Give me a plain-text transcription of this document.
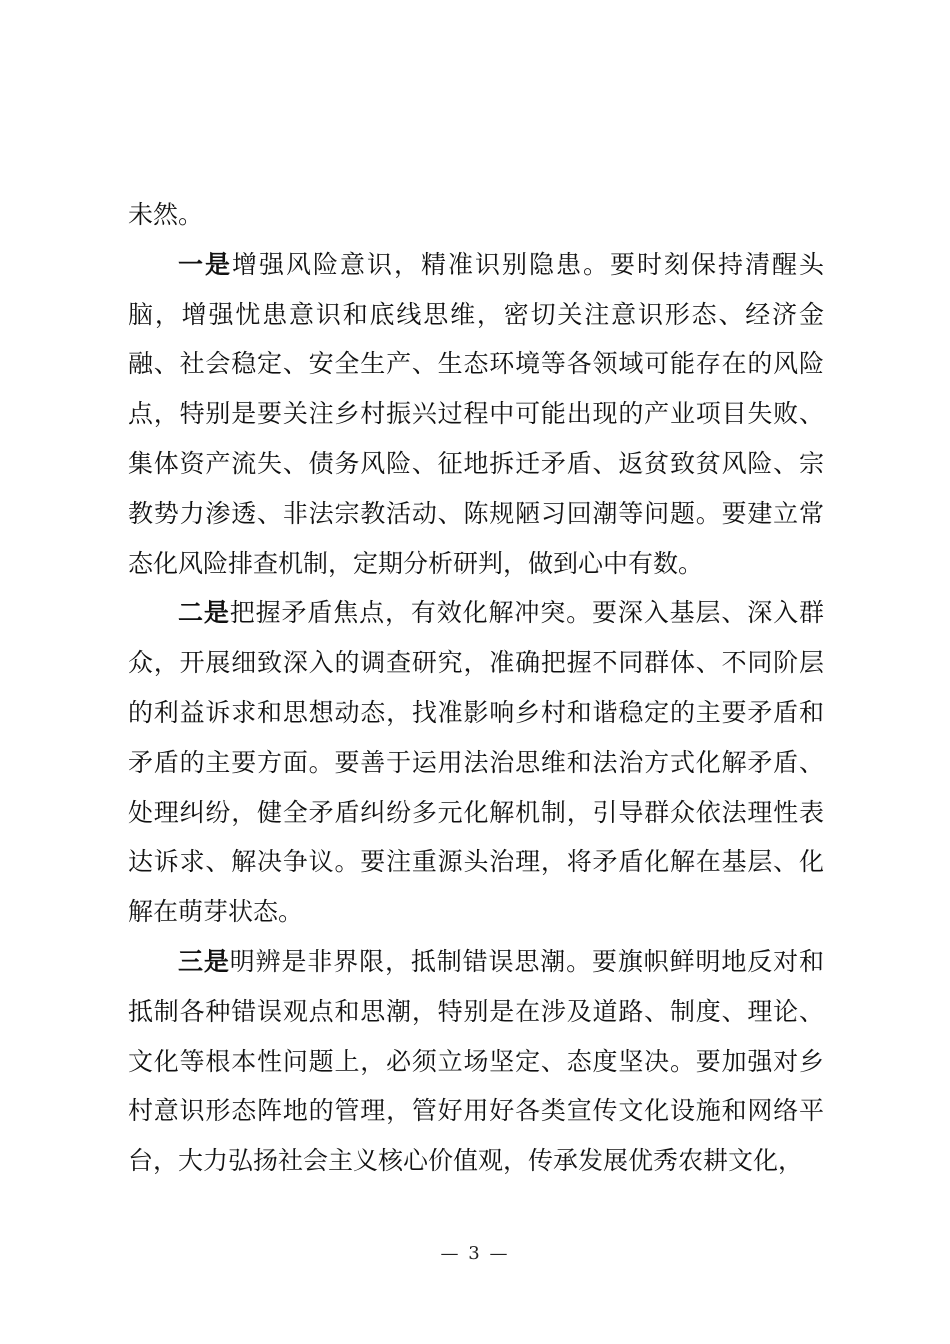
未然。

一是增强风险意识，精准识别隐患。要时刻保持清醒头脑，增强忧患意识和底线思维，密切关注意识形态、经济金融、社会稳定、安全生产、生态环境等各领域可能存在的风险点，特别是要关注乡村振兴过程中可能出现的产业项目失败、集体资产流失、债务风险、征地拆迁矛盾、返贫致贫风险、宗教势力渗透、非法宗教活动、陈规陋习回潮等问题。要建立常态化风险排查机制，定期分析研判，做到心中有数。

二是把握矛盾焦点，有效化解冲突。要深入基层、深入群众，开展细致深入的调查研究，准确把握不同群体、不同阶层的利益诉求和思想动态，找准影响乡村和谐稳定的主要矛盾和矛盾的主要方面。要善于运用法治思维和法治方式化解矛盾、处理纠纷，健全矛盾纠纷多元化解机制，引导群众依法理性表达诉求、解决争议。要注重源头治理，将矛盾化解在基层、化解在萌芽状态。

三是明辨是非界限，抵制错误思潮。要旗帜鲜明地反对和抵制各种错误观点和思潮，特别是在涉及道路、制度、理论、文化等根本性问题上，必须立场坚定、态度坚决。要加强对乡村意识形态阵地的管理，管好用好各类宣传文化设施和网络平台，大力弘扬社会主义核心价值观，传承发展优秀农耕文化，

— 3 —
